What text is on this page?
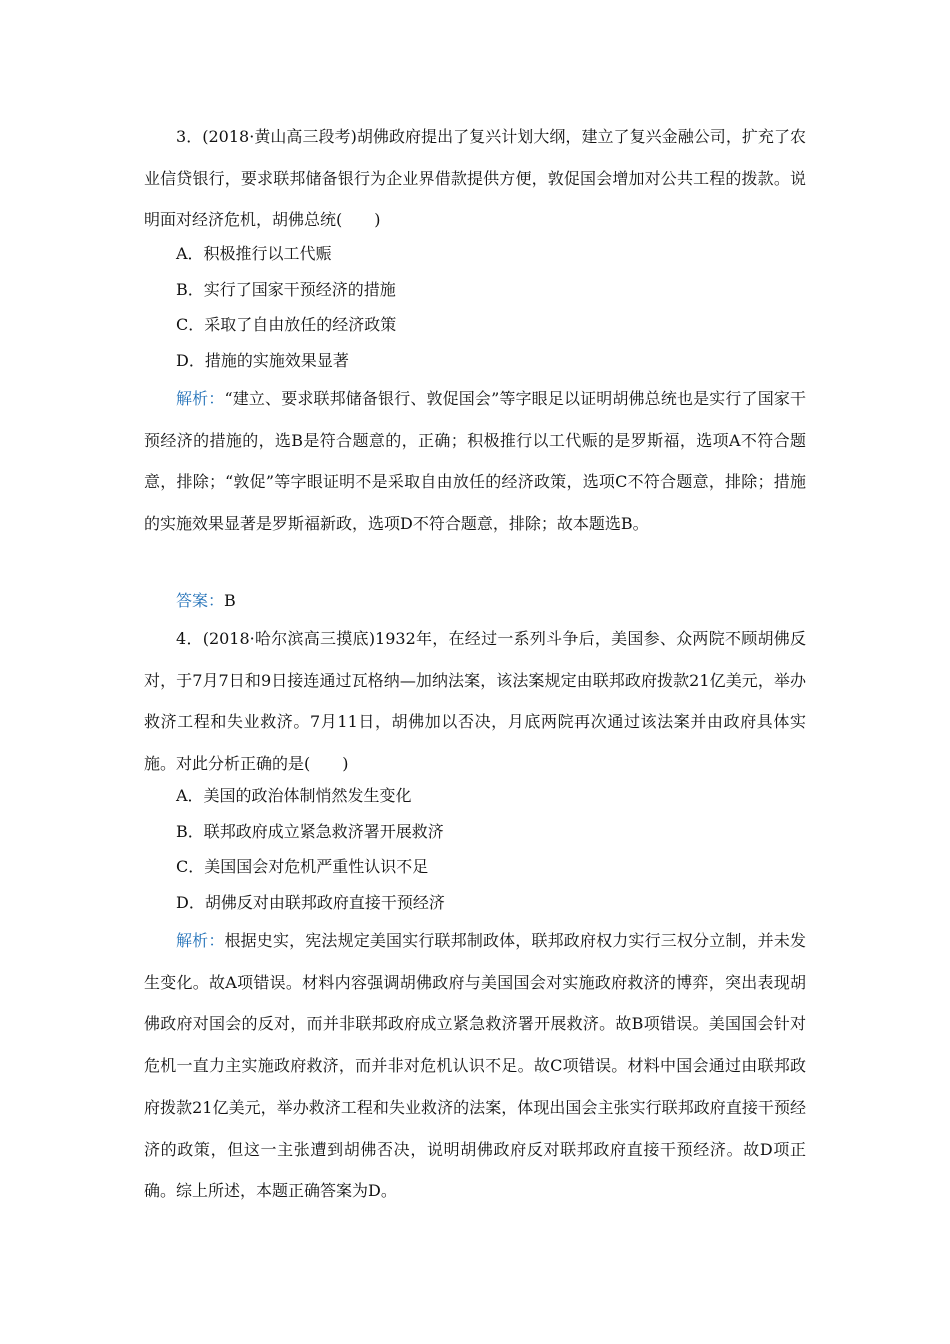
3．(2018·黄山高三段考)胡佛政府提出了复兴计划大纲，建立了复兴金融公司，扩充了农业信贷银行，要求联邦储备银行为企业界借款提供方便，敦促国会增加对公共工程的拨款。说明面对经济危机，胡佛总统(　　)

A．积极推行以工代赈

B．实行了国家干预经济的措施

C．采取了自由放任的经济政策

D．措施的实施效果显著

解析：“建立、要求联邦储备银行、敦促国会”等字眼足以证明胡佛总统也是实行了国家干预经济的措施的，选B是符合题意的，正确；积极推行以工代赈的是罗斯福，选项A不符合题意，排除；“敦促”等字眼证明不是采取自由放任的经济政策，选项C不符合题意，排除；措施的实施效果显著是罗斯福新政，选项D不符合题意，排除；故本题选B。

答案：B

4．(2018·哈尔滨高三摸底)1932年，在经过一系列斗争后，美国参、众两院不顾胡佛反对，于7月7日和9日接连通过瓦格纳—加纳法案，该法案规定由联邦政府拨款21亿美元，举办救济工程和失业救济。7月11日，胡佛加以否决，月底两院再次通过该法案并由政府具体实施。对此分析正确的是(　　)

A．美国的政治体制悄然发生变化

B．联邦政府成立紧急救济署开展救济

C．美国国会对危机严重性认识不足

D．胡佛反对由联邦政府直接干预经济

解析：根据史实，宪法规定美国实行联邦制政体，联邦政府权力实行三权分立制，并未发生变化。故A项错误。材料内容强调胡佛政府与美国国会对实施政府救济的博弈，突出表现胡佛政府对国会的反对，而并非联邦政府成立紧急救济署开展救济。故B项错误。美国国会针对危机一直力主实施政府救济，而并非对危机认识不足。故C项错误。材料中国会通过由联邦政府拨款21亿美元，举办救济工程和失业救济的法案，体现出国会主张实行联邦政府直接干预经济的政策，但这一主张遭到胡佛否决，说明胡佛政府反对联邦政府直接干预经济。故D项正确。综上所述，本题正确答案为D。
